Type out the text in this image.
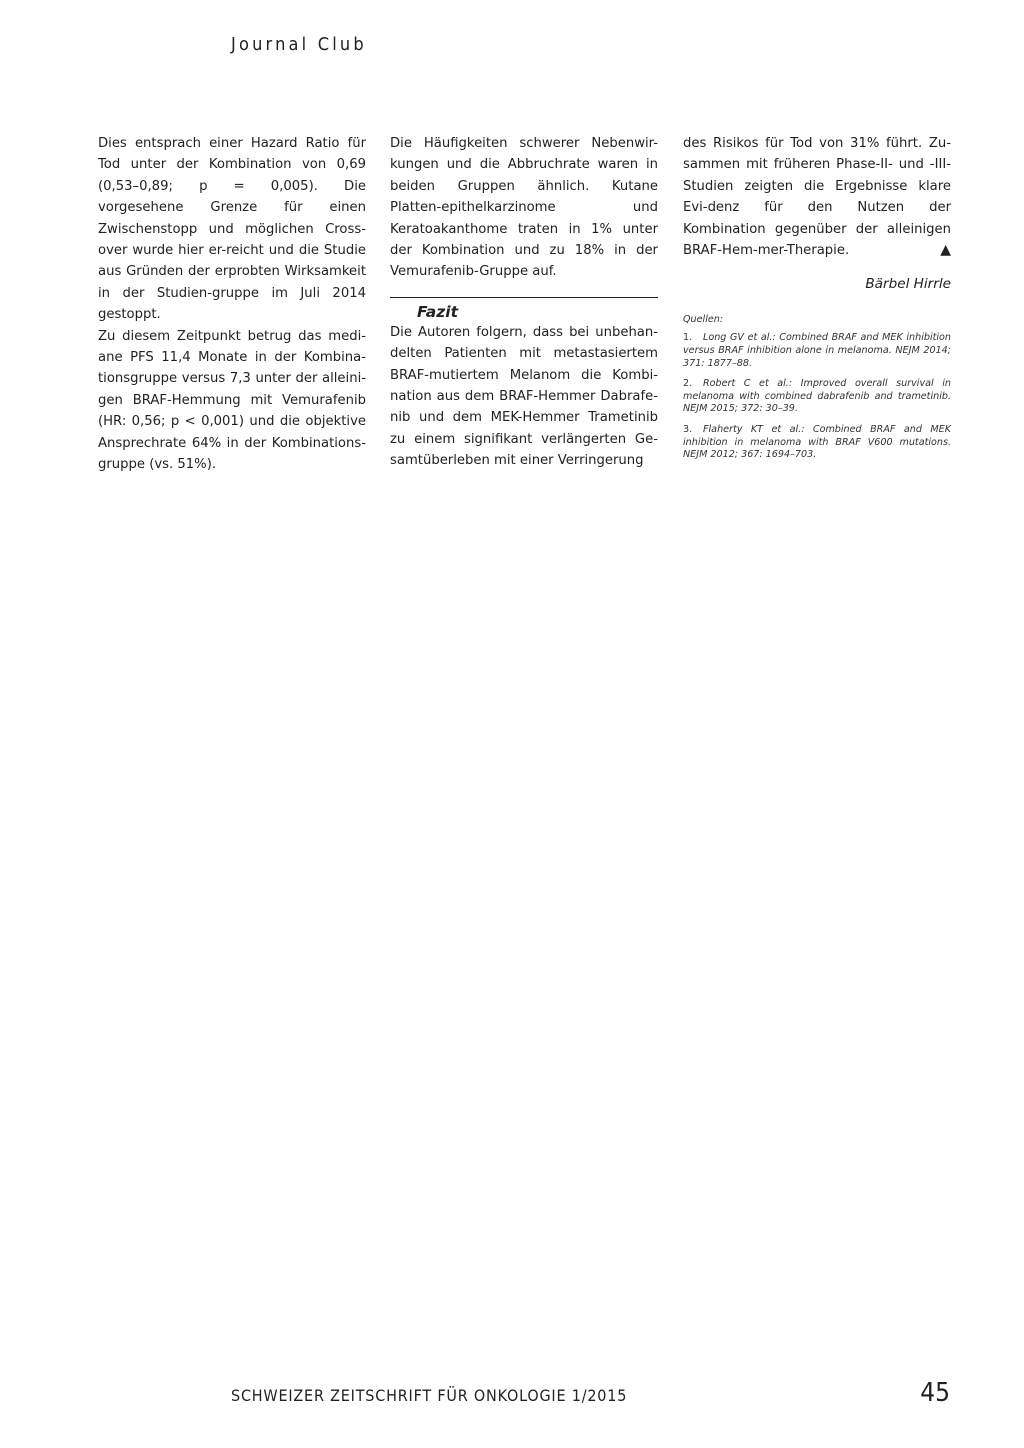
Journal Club

Dies entsprach einer Hazard Ratio für Tod unter der Kombination von 0,69 (0,53–0,89; p = 0,005). Die vorgesehene Grenze für einen Zwischenstopp und möglichen Cross-over wurde hier er-reicht und die Studie aus Gründen der erprobten Wirksamkeit in der Studien-gruppe im Juli 2014 gestoppt.

Zu diesem Zeitpunkt betrug das medi-ane PFS 11,4 Monate in der Kombina-tionsgruppe versus 7,3 unter der alleini-gen BRAF-Hemmung mit Vemurafenib (HR: 0,56; p < 0,001) und die objektive Ansprechrate 64% in der Kombinations-gruppe (vs. 51%).

Die Häufigkeiten schwerer Nebenwir-kungen und die Abbruchrate waren in beiden Gruppen ähnlich. Kutane Platten-epithelkarzinome und Keratoakanthome traten in 1% unter der Kombination und zu 18% in der Vemurafenib-Gruppe auf.

Fazit

Die Autoren folgern, dass bei unbehan-delten Patienten mit metastasiertem BRAF-mutiertem Melanom die Kombi-nation aus dem BRAF-Hemmer Dabrafe-nib und dem MEK-Hemmer Trametinib zu einem signifikant verlängerten Ge-samtüberleben mit einer Verringerung

des Risikos für Tod von 31% führt. Zu-sammen mit früheren Phase-II- und -III- Studien zeigten die Ergebnisse klare Evi-denz für den Nutzen der Kombination gegenüber der alleinigen BRAF-Hem-mer-Therapie.	▲

Bärbel Hirrle
Quellen:
1. Long GV et al.: Combined BRAF and MEK inhibition versus BRAF inhibition alone in melanoma. NEJM 2014; 371: 1877–88.
2. Robert C et al.: Improved overall survival in melanoma with combined dabrafenib and trametinib. NEJM 2015; 372: 30–39.
3. Flaherty KT et al.: Combined BRAF and MEK inhibition in melanoma with BRAF V600 mutations. NEJM 2012; 367: 1694–703.
SCHWEIZER ZEITSCHRIFT FÜR ONKOLOGIE 1/2015	45
